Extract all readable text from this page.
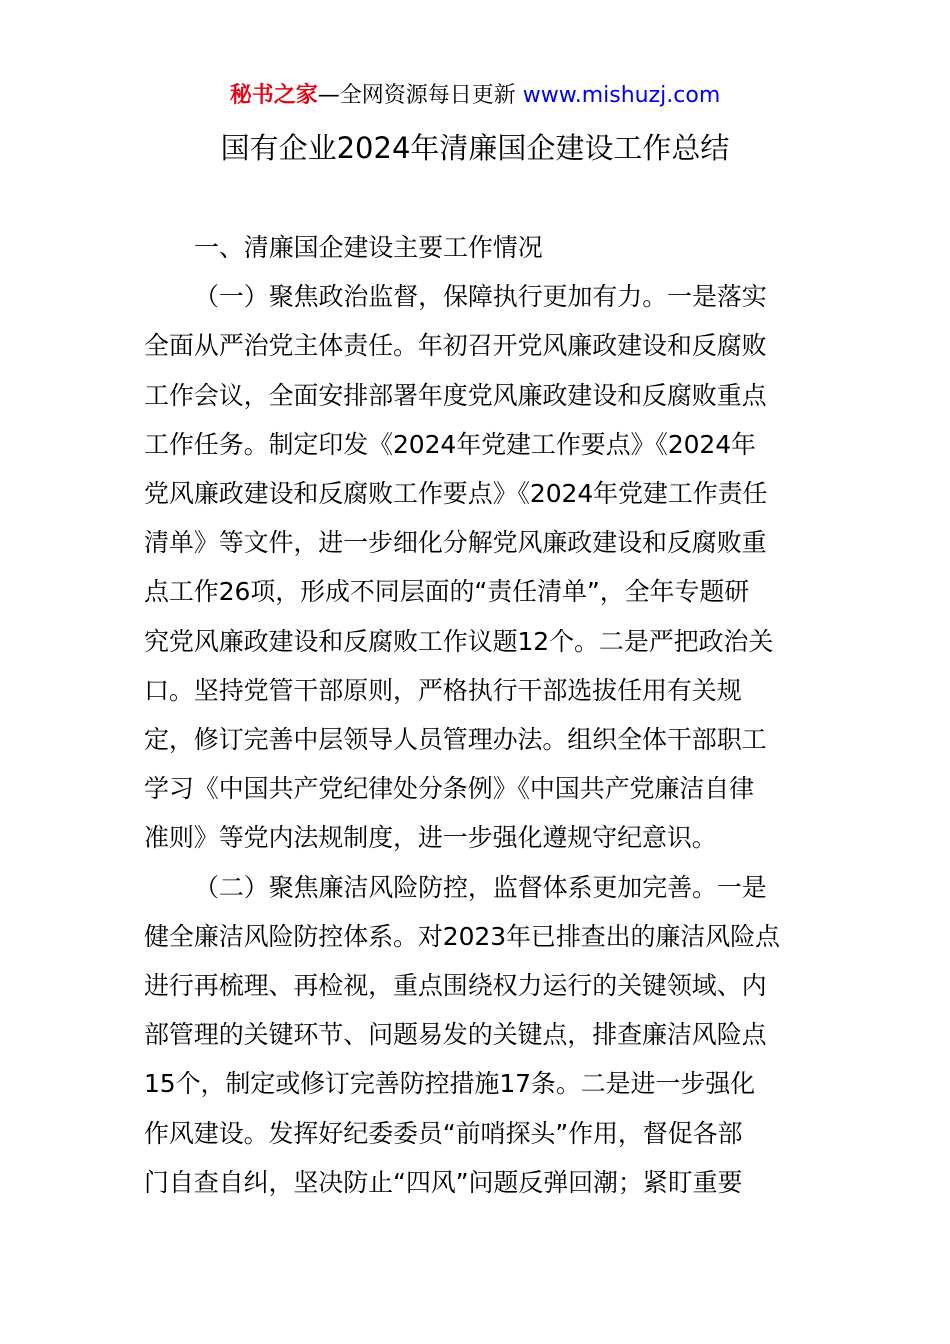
秘书之家—全网资源每日更新 www.mishuzj.com
国有企业2024年清廉国企建设工作总结

一、清廉国企建设主要工作情况

（一）聚焦政治监督，保障执行更加有力。一是落实
全面从严治党主体责任。年初召开党风廉政建设和反腐败
工作会议，全面安排部署年度党风廉政建设和反腐败重点
工作任务。制定印发《2024年党建工作要点》《2024年
党风廉政建设和反腐败工作要点》《2024年党建工作责任
清单》等文件，进一步细化分解党风廉政建设和反腐败重
点工作26项，形成不同层面的“责任清单”，全年专题研
究党风廉政建设和反腐败工作议题12个。二是严把政治关
口。坚持党管干部原则，严格执行干部选拔任用有关规
定，修订完善中层领导人员管理办法。组织全体干部职工
学习《中国共产党纪律处分条例》《中国共产党廉洁自律
准则》等党内法规制度，进一步强化遵规守纪意识。

（二）聚焦廉洁风险防控，监督体系更加完善。一是
健全廉洁风险防控体系。对2023年已排查出的廉洁风险点
进行再梳理、再检视，重点围绕权力运行的关键领域、内
部管理的关键环节、问题易发的关键点，排查廉洁风险点
15个，制定或修订完善防控措施17条。二是进一步强化
作风建设。发挥好纪委委员“前哨探头”作用，督促各部
门自查自纠，坚决防止“四风”问题反弹回潮；紧盯重要
